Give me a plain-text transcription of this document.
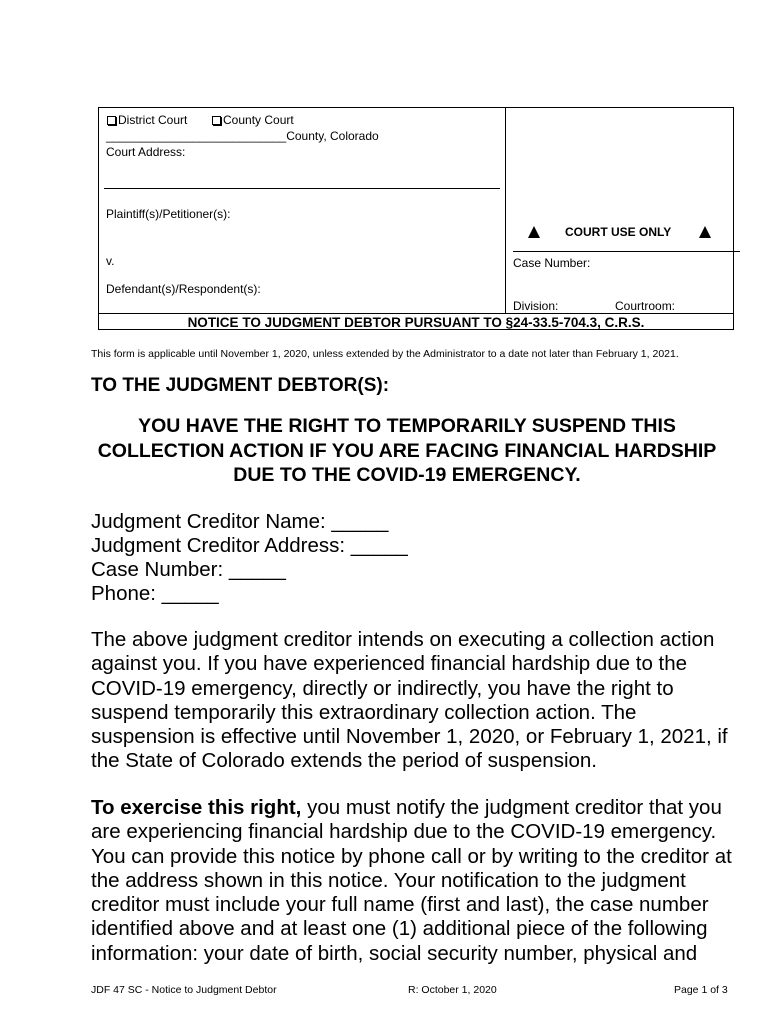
District Court	County Court
___________________________County, Colorado
Court Address:
Plaintiff(s)/Petitioner(s):
v.
Defendant(s)/Respondent(s):
COURT USE ONLY
Case Number:
Division:	Courtroom:
NOTICE TO JUDGMENT DEBTOR PURSUANT TO §24-33.5-704.3, C.R.S.
This form is applicable until November 1, 2020, unless extended by the Administrator to a date not later than February 1, 2021.
TO THE JUDGMENT DEBTOR(S):
YOU HAVE THE RIGHT TO TEMPORARILY SUSPEND THIS COLLECTION ACTION IF YOU ARE FACING FINANCIAL HARDSHIP DUE TO THE COVID-19 EMERGENCY.
Judgment Creditor Name: _____
Judgment Creditor Address: _____
Case Number: _____
Phone: _____
The above judgment creditor intends on executing a collection action against you. If you have experienced financial hardship due to the COVID-19 emergency, directly or indirectly, you have the right to suspend temporarily this extraordinary collection action. The suspension is effective until November 1, 2020, or February 1, 2021, if the State of Colorado extends the period of suspension.
To exercise this right, you must notify the judgment creditor that you are experiencing financial hardship due to the COVID-19 emergency. You can provide this notice by phone call or by writing to the creditor at the address shown in this notice. Your notification to the judgment creditor must include your full name (first and last), the case number identified above and at least one (1) additional piece of the following information: your date of birth, social security number, physical and
JDF 47 SC - Notice to Judgment Debtor	R: October 1, 2020	Page 1 of 3
